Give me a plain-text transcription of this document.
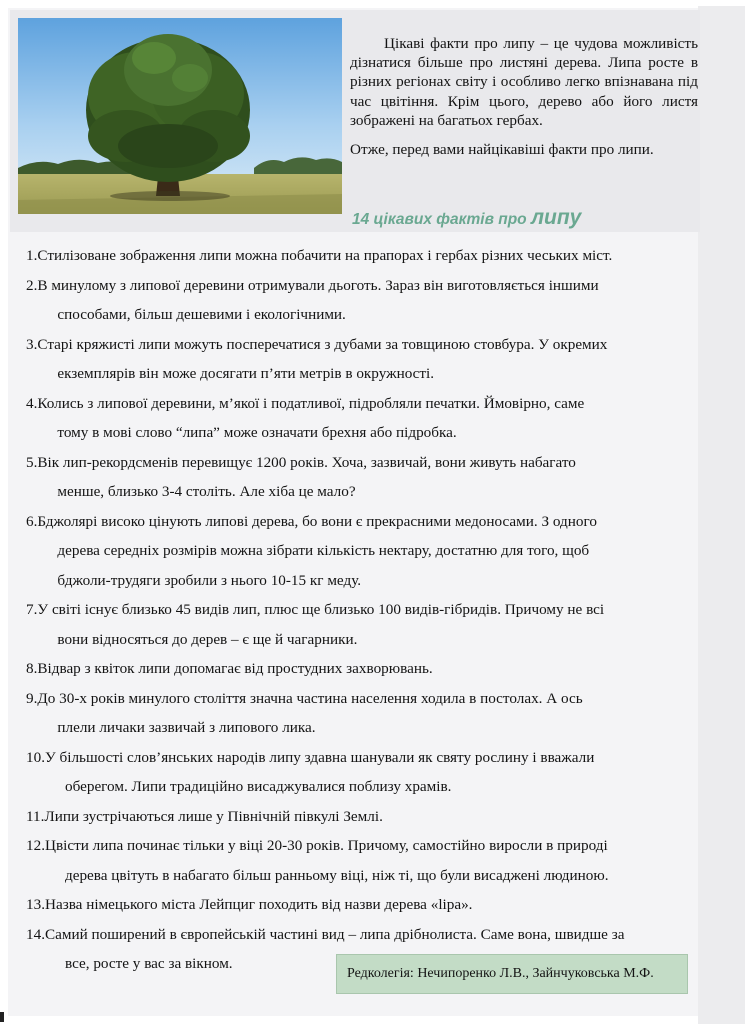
Цікаві факти про липу – це чудова можливість дізнатися більше про листяні дерева. Липа росте в різних регіонах світу і особливо легко впізнавана під час цвітіння. Крім цього, дерево або його листя зображені на багатьох гербах.

Отже, перед вами найцікавіші факти про липи.

14 цікавих фактів про липу
1. Стилізоване зображення липи можна побачити на прапорах і гербах різних чеських міст.
2. В минулому з липової деревини отримували дьоготь. Зараз він виготовляється іншими
способами, більш дешевими і екологічними.
3. Старі кряжисті липи можуть посперечатися з дубами за товщиною стовбура. У окремих
екземплярів він може досягати п’яти метрів в окружності.
4. Колись з липової деревини, м’якої і податливої, підробляли печатки. Ймовірно, саме
тому в мові слово “липа” може означати брехня або підробка.
5. Вік лип-рекордсменів перевищує 1200 років. Хоча, зазвичай, вони живуть набагато
менше, близько 3-4 століть. Але хіба це мало?
6. Бджолярі високо цінують липові дерева, бо вони є прекрасними медоносами. З одного
дерева середніх розмірів можна зібрати кількість нектару, достатню для того, щоб
бджоли-трудяги зробили з нього 10-15 кг меду.
7. У світі існує близько 45 видів лип, плюс ще близько 100 видів-гібридів. Причому не всі
вони відносяться до дерев – є ще й чагарники.
8. Відвар з квіток липи допомагає від простудних захворювань.
9. До 30-х років минулого століття значна частина населення ходила в постолах. А ось
плели личаки зазвичай з липового лика.
10. У більшості слов’янських народів липу здавна шанували як святу рослину і вважали
оберегом. Липи традиційно висаджувалися поблизу храмів.
11. Липи зустрічаються лише у Північній півкулі Землі.
12. Цвісти липа починає тільки у віці 20-30 років. Причому, самостійно виросли в природі
дерева цвітуть в набагато більш ранньому віці, ніж ті, що були висаджені людиною.
13. Назва німецького міста Лейпциг походить від назви дерева «lipa».
14. Самий поширений в європейській частині вид – липа дрібнолиста. Саме вона, швидше за
все, росте у вас за вікном.
Редколегія: Нечипоренко Л.В., Зайнчуковська М.Ф.
